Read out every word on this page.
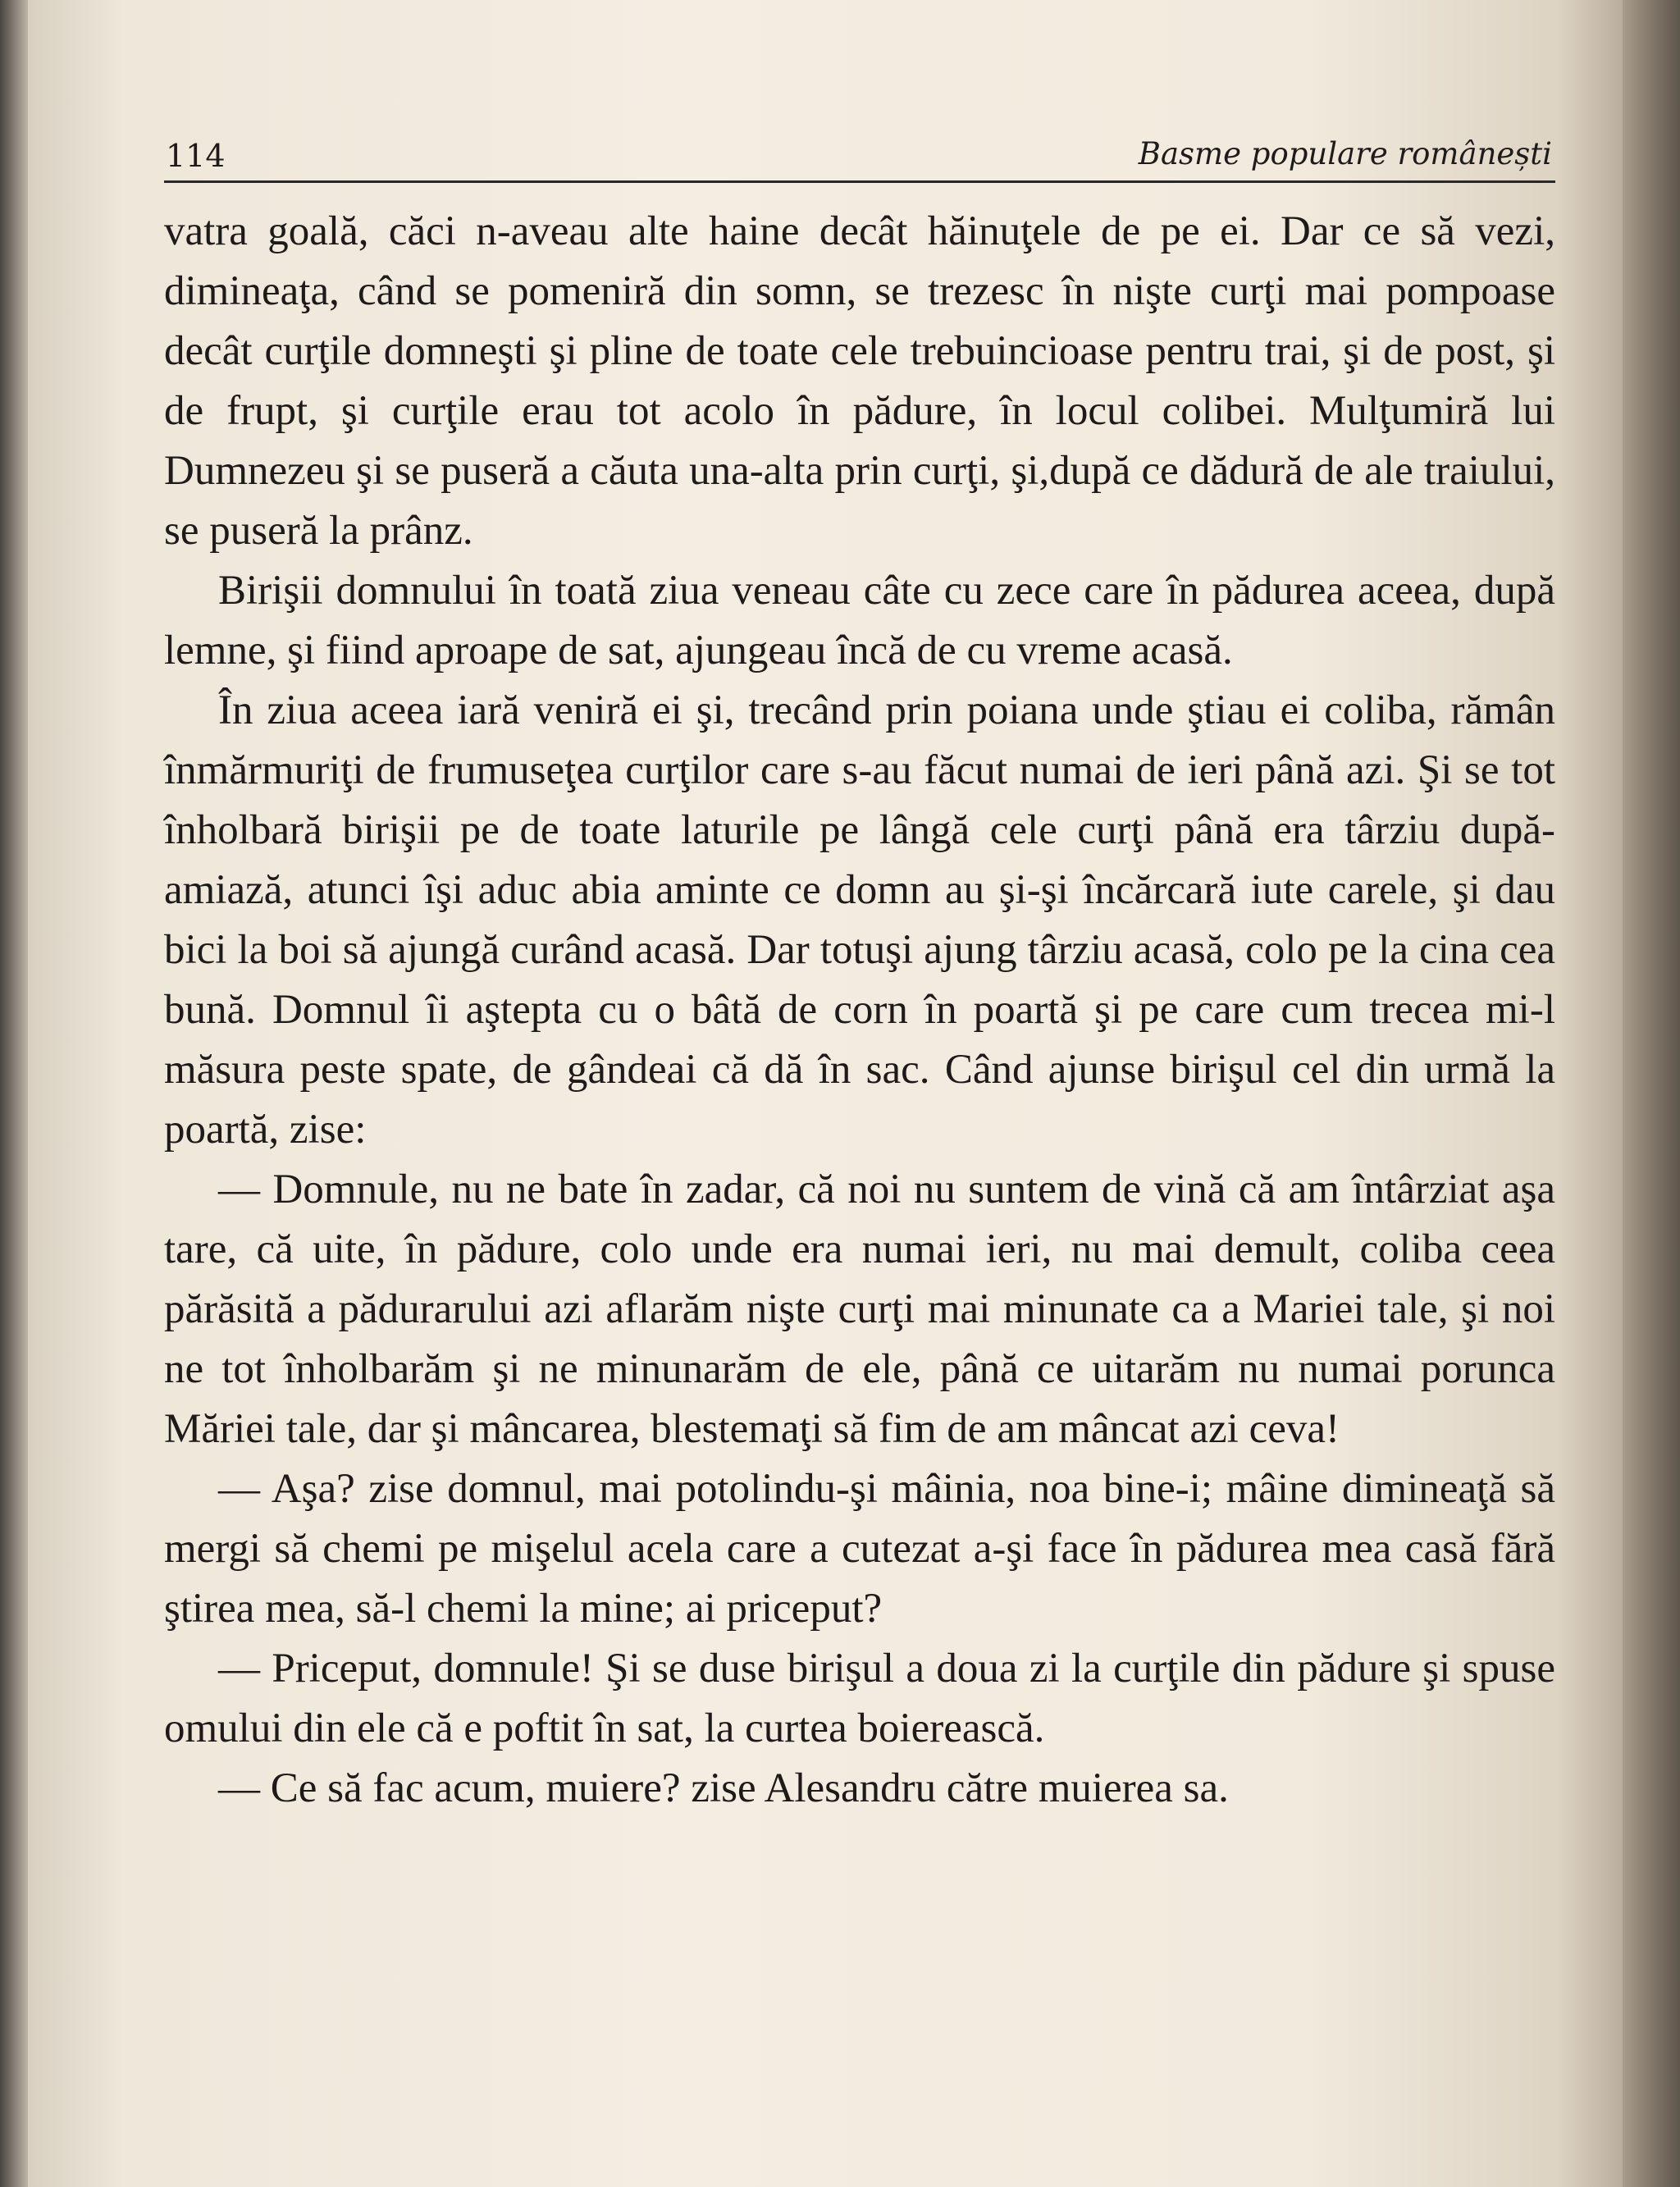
114	Basme populare românești

vatra goală, căci n-aveau alte haine decât hăinuţele de pe ei. Dar ce să vezi, dimineaţa, când se pomeniră din somn, se trezesc în nişte curţi mai pompoase decât curţile domneşti şi pline de toate cele trebuincioase pentru trai, şi de post, şi de frupt, şi curţile erau tot acolo în pădure, în locul colibei. Mulţumiră lui Dumnezeu şi se puseră a căuta una-alta prin curţi, şi,după ce dădură de ale traiului, se puseră la prânz.

Birişii domnului în toată ziua veneau câte cu zece care în pădurea aceea, după lemne, şi fiind aproape de sat, ajungeau încă de cu vreme acasă.

În ziua aceea iară veniră ei şi, trecând prin poiana unde ştiau ei coliba, rămân înmărmuriţi de frumuseţea curţilor care s-au făcut numai de ieri până azi. Şi se tot înholbară birişii pe de toate laturile pe lângă cele curţi până era târziu după-amiază, atunci îşi aduc abia aminte ce domn au şi-şi încărcară iute carele, şi dau bici la boi să ajungă curând acasă. Dar totuşi ajung târziu acasă, colo pe la cina cea bună. Domnul îi aştepta cu o bâtă de corn în poartă şi pe care cum trecea mi-l măsura peste spate, de gândeai că dă în sac. Când ajunse birişul cel din urmă la poartă, zise:

— Domnule, nu ne bate în zadar, că noi nu suntem de vină că am întârziat aşa tare, că uite, în pădure, colo unde era numai ieri, nu mai demult, coliba ceea părăsită a pădurarului azi aflarăm nişte curţi mai minunate ca a Mariei tale, şi noi ne tot înholbarăm şi ne minunarăm de ele, până ce uitarăm nu numai porunca Măriei tale, dar şi mâncarea, blestemaţi să fim de am mâncat azi ceva!

— Aşa? zise domnul, mai potolindu-şi mâinia, noa bine-i; mâine dimineaţă să mergi să chemi pe mişelul acela care a cutezat a-şi face în pădurea mea casă fără ştirea mea, să-l chemi la mine; ai priceput?

— Priceput, domnule! Şi se duse birişul a doua zi la curţile din pădure şi spuse omului din ele că e poftit în sat, la curtea boierească.

— Ce să fac acum, muiere? zise Alesandru către muierea sa.
